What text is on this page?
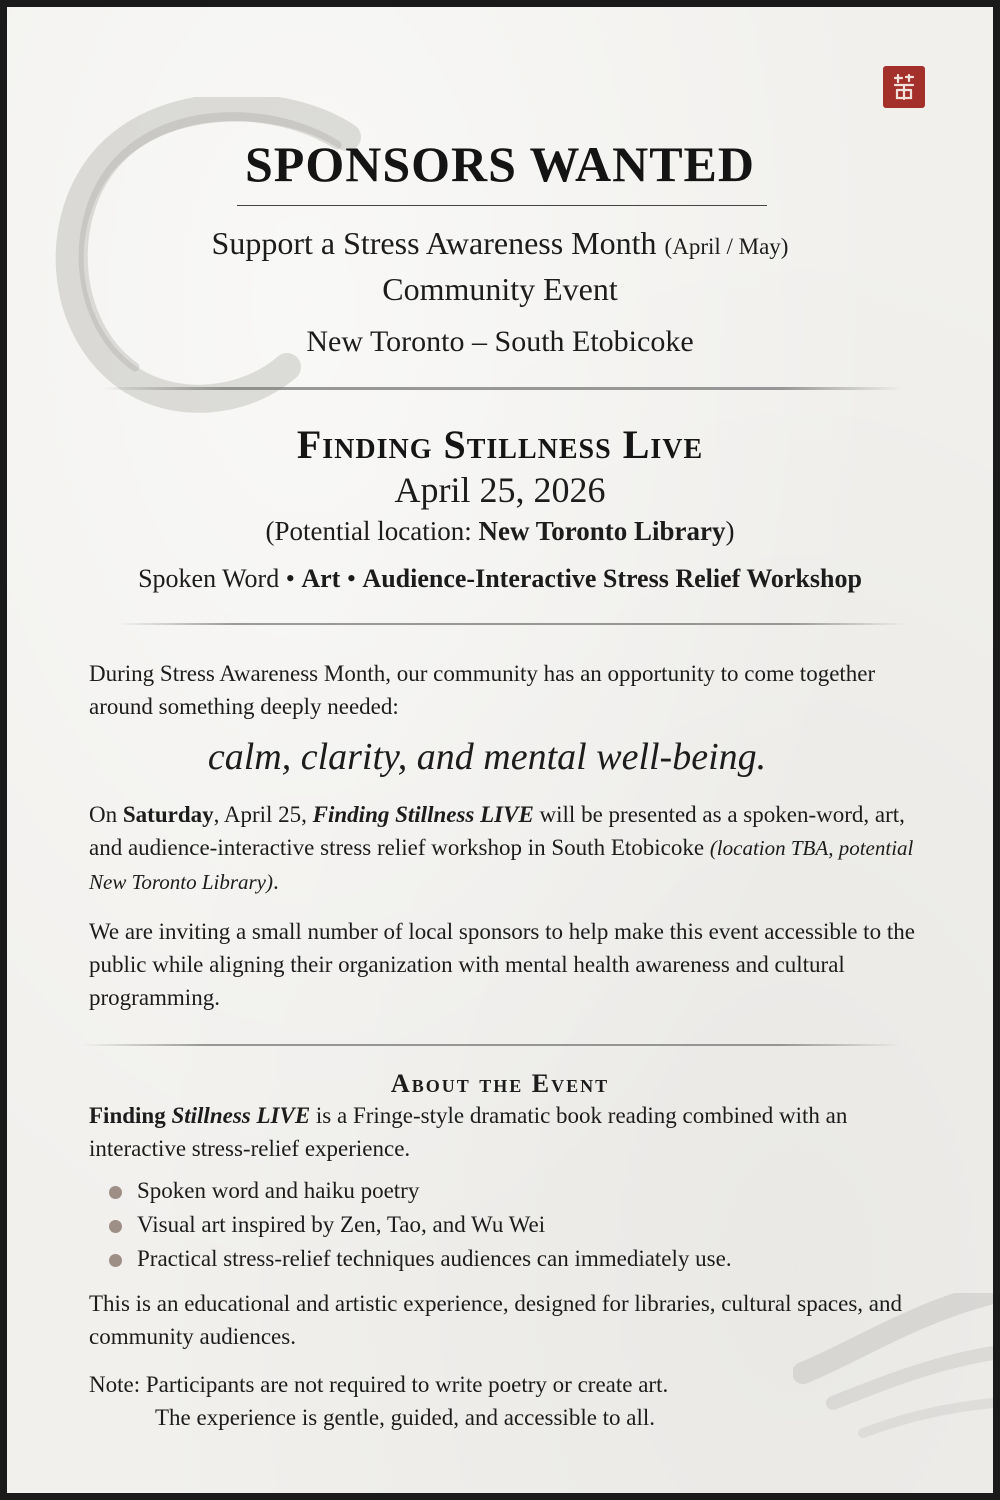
SPONSORS WANTED
Support a Stress Awareness Month (April / May)
Community Event
New Toronto – South Etobicoke
Finding Stillness Live
April 25, 2026
(Potential location: New Toronto Library)
Spoken Word • Art • Audience-Interactive Stress Relief Workshop
During Stress Awareness Month, our community has an opportunity to come together around something deeply needed:
calm, clarity, and mental well-being.
On Saturday, April 25, Finding Stillness LIVE will be presented as a spoken-word, art, and audience-interactive stress relief workshop in South Etobicoke (location TBA, potential New Toronto Library).
We are inviting a small number of local sponsors to help make this event accessible to the public while aligning their organization with mental health awareness and cultural programming.
About the Event
Finding Stillness LIVE is a Fringe-style dramatic book reading combined with an interactive stress-relief experience.
Spoken word and haiku poetry
Visual art inspired by Zen, Tao, and Wu Wei
Practical stress-relief techniques audiences can immediately use.
This is an educational and artistic experience, designed for libraries, cultural spaces, and community audiences.
Note: Participants are not required to write poetry or create art.
The experience is gentle, guided, and accessible to all.
